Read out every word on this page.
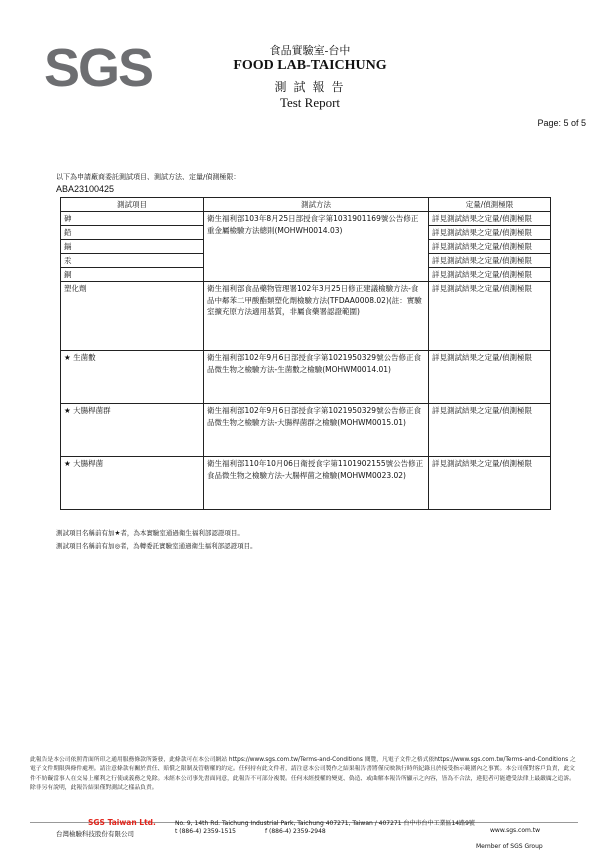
SGS	食品實驗室-台中
FOOD LAB-TAICHUNG
測 試 報 告
Test Report
Page: 5 of 5
以下為申請廠商委託測試項目、測試方法、定量/偵測極限：
ABA23100425
測試項目	測試方法	定量/偵測極限
砷	衛生福利部103年8月25日部授食字第1031901169號公告修正重金屬檢驗方法總則(MOHWH0014.03)	詳見測試結果之定量/偵測極限
鉛		詳見測試結果之定量/偵測極限
鎘		詳見測試結果之定量/偵測極限
汞		詳見測試結果之定量/偵測極限
銅		詳見測試結果之定量/偵測極限
塑化劑	衛生福利部食品藥物管理署102年3月25日修正建議檢驗方法-食品中鄰苯二甲酸酯類塑化劑檢驗方法(TFDAA0008.02)(註：實驗室擴充原方法適用基質，非屬食藥署認證範圍)	詳見測試結果之定量/偵測極限
★ 生菌數	衛生福利部102年9月6日部授食字第1021950329號公告修正食品微生物之檢驗方法-生菌數之檢驗(MOHWM0014.01)	詳見測試結果之定量/偵測極限
★ 大腸桿菌群	衛生福利部102年9月6日部授食字第1021950329號公告修正食品微生物之檢驗方法-大腸桿菌群之檢驗(MOHWM0015.01)	詳見測試結果之定量/偵測極限
★ 大腸桿菌	衛生福利部110年10月06日衛授食字第1101902155號公告修正食品微生物之檢驗方法-大腸桿菌之檢驗(MOHWM0023.02)	詳見測試結果之定量/偵測極限
測試項目名稱前有加★者，為本實驗室通過衛生福利部認證項目。
測試項目名稱前有加◎者，為轉委託實驗室通過衛生福利部認證項目。
此報告是本公司依照背面所印之通用服務條款所簽發，此條款可在本公司網站 https://www.sgs.com.tw/Terms-and-Conditions 閱覽，凡電子文件之格式依https://www.sgs.com.tw/Terms-and-Conditions 之電子文件期限與條件處理。請注意條款有關於責任、賠償之限制及管轄權的約定。任何持有此文件者，請注意本公司製作之結果報告書將僅反映執行時所紀錄且於接受指示範圍內之事實。本公司僅對客戶負責，此文件不妨礙當事人在交易上權利之行使或義務之免除。未經本公司事先書面同意，此報告不可部分複製。任何未經授權的變更、偽造、或曲解本報告所顯示之內容，皆為不合法，違犯者可能遭受法律上最嚴厲之追訴。除非另有說明，此報告結果僅對測試之樣品負責。
SGS Taiwan Ltd.
台灣檢驗科技股份有限公司
No. 9, 14th Rd. Taichung Industrial Park, Taichung 407271, Taiwan / 407271 台中市台中工業區14路9號
t (886-4) 2359-1515	f (886-4) 2359-2948	www.sgs.com.tw
Member of SGS Group
